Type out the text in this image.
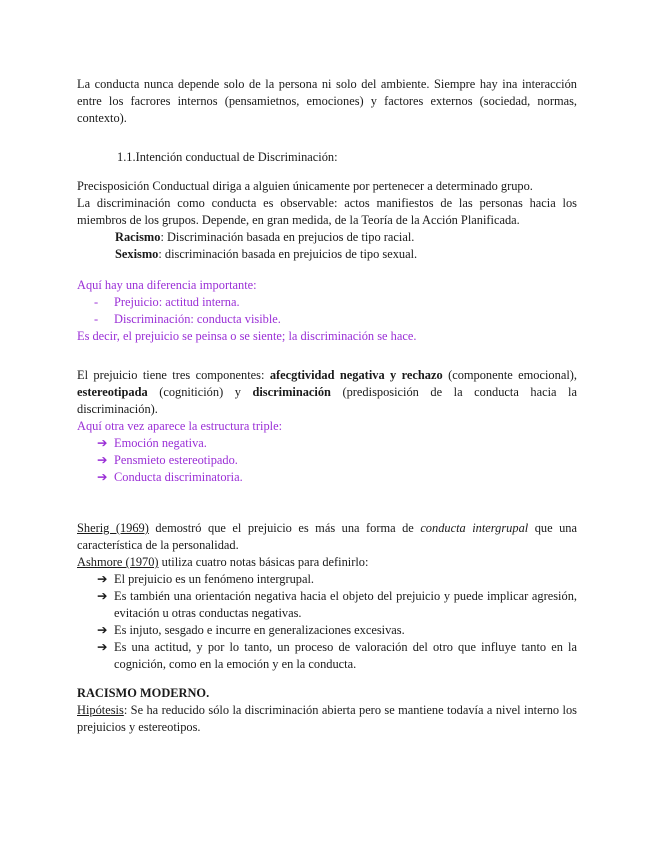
La conducta nunca depende solo de la persona ni solo del ambiente. Siempre hay ina interacción entre los facrores internos (pensamietnos, emociones) y factores externos (sociedad, normas, contexto).

1.1.Intención conductual de Discriminación:

Precisposición Conductual diriga a alguien únicamente por pertenecer a determinado grupo.

La discriminación como conducta es observable: actos manifiestos de las personas hacia los

miembros de los grupos. Depende, en gran medida, de la Teoría de la Acción Planificada.

Racismo: Discriminación basada en prejucios de tipo racial.

Sexismo: discriminación basada en prejuicios de tipo sexual.

Aquí hay una diferencia importante:

-	Prejuicio: actitud interna.
-	Discriminación: conducta visible.

Es decir, el prejuicio se peinsa o se siente; la discriminación se hace.

El prejuicio tiene tres componentes: afecgtividad negativa y rechazo (componente emocional), estereotipada (cognitición) y discriminación (predisposición de la conducta hacia la discriminación).

Aquí otra vez aparece la estructura triple:

➔ Emoción negativa.
➔ Pensmieto estereotipado.
➔ Conducta discriminatoria.

Sherig (1969) demostró que el prejuicio es más una forma de conducta intergrupal que una característica de la personalidad.

Ashmore (1970) utiliza cuatro notas básicas para definirlo:

➔ El prejuicio es un fenómeno intergrupal.
➔ Es también una orientación negativa hacia el objeto del prejuicio y puede implicar agresión, evitación u otras conductas negativas.
➔ Es injuto, sesgado e incurre en generalizaciones excesivas.
➔ Es una actitud, y por lo tanto, un proceso de valoración del otro que influye tanto en la cognición, como en la emoción y en la conducta.

RACISMO MODERNO.

Hipótesis: Se ha reducido sólo la discriminación abierta pero se mantiene todavía a nivel interno los prejuicios y estereotipos.
